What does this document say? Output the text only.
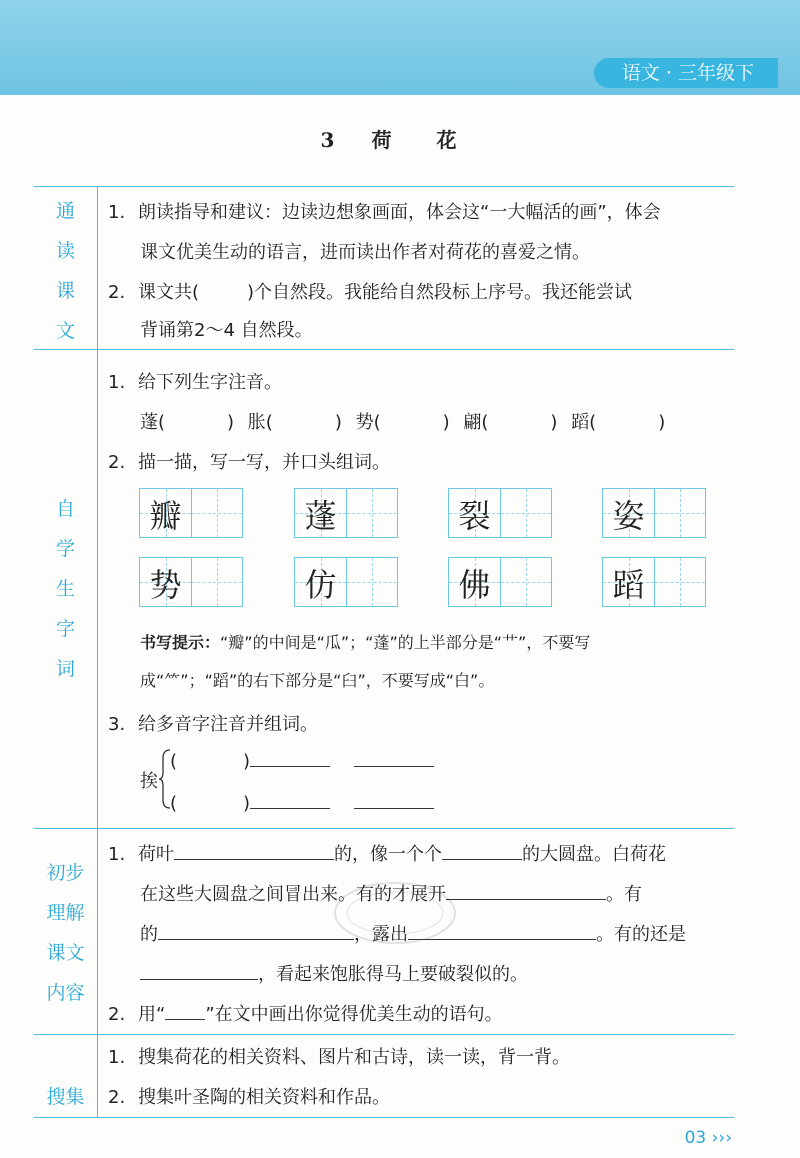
语文 · 三年级下
3 荷 花
通
读
课
文
自
学
生
字
词
初步
理解
课文
内容
搜集
1. 朗读指导和建议：边读边想象画面，体会这“一大幅活的画”，体会
课文优美生动的语言，进而读出作者对荷花的喜爱之情。
2. 课文共(	)个自然段。我能给自然段标上序号。我还能尝试
背诵第2～4 自然段。
1. 给下列生字注音。
蓬(	) 胀(	) 势(	) 翩(	) 蹈(	)
2. 描一描，写一写，并口头组词。
瓣	蓬	裂	姿
势	仿	佛	蹈
书写提示：“瓣”的中间是“瓜”；“蓬”的上半部分是“艹”，不要写
成“⺮”；“蹈”的右下部分是“臼”，不要写成“白”。
3. 给多音字注音并组词。
挨
(	)
(	)
1. 荷叶	的，像一个个	的大圆盘。白荷花
在这些大圆盘之间冒出来。有的才展开	。有
的	，露出	。有的还是
，看起来饱胀得马上要破裂似的。
2. 用“ ”在文中画出你觉得优美生动的语句。
1. 搜集荷花的相关资料、图片和古诗，读一读，背一背。
2. 搜集叶圣陶的相关资料和作品。
03 ›››
